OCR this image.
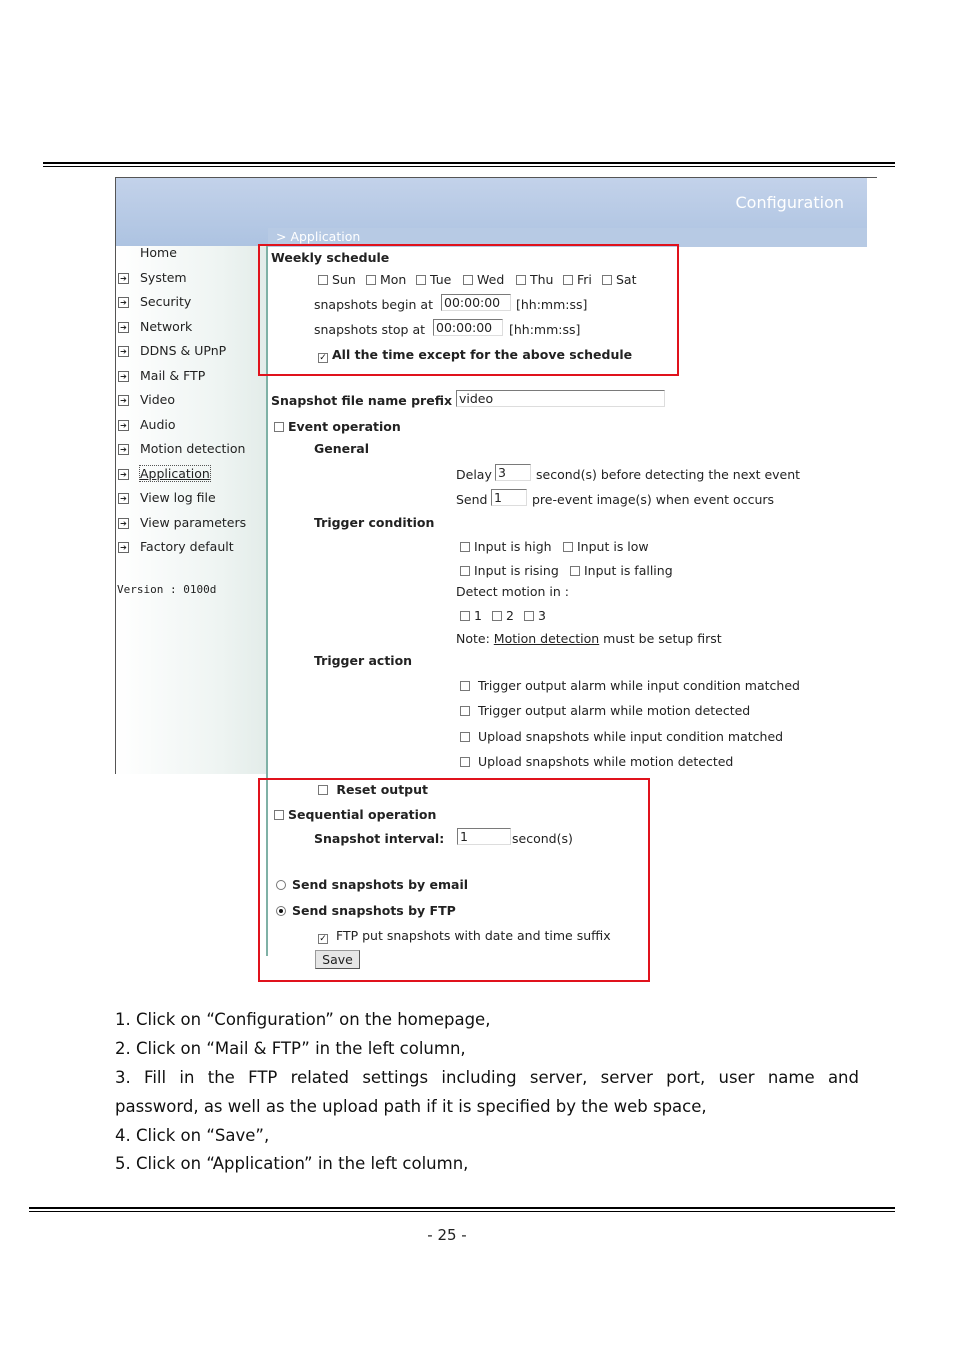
Configuration
> Application
Home
➔ System
➔ Security
➔ Network
➔ DDNS & UPnP
➔ Mail & FTP
➔ Video
➔ Audio
➔ Motion detection
➔ Application
➔ View log file
➔ View parameters
➔ Factory default
Version : 0100d
Weekly schedule
Sun	Mon	Tue	Wed	Thu	Fri	Sat
snapshots begin at 00:00:00	[hh:mm:ss]
snapshots stop at 00:00:00	[hh:mm:ss]
✓ All the time except for the above schedule
Snapshot file name prefix video
Event operation
General
Delay 3	second(s) before detecting the next event
Send 1	pre-event image(s) when event occurs
Trigger condition
Input is high	Input is low
Input is rising	Input is falling
Detect motion in :
1	2	3
Note: Motion detection must be setup first
Trigger action
Trigger output alarm while input condition matched
Trigger output alarm while motion detected
Upload snapshots while input condition matched
Upload snapshots while motion detected
Reset output
Sequential operation
Snapshot interval: 1	second(s)
Send snapshots by email
Send snapshots by FTP
✓ FTP put snapshots with date and time suffix
Save
1. Click on “Configuration” on the homepage,
2. Click on “Mail & FTP” in the left column,
3. Fill in the FTP related settings including server, server port, user name and
password, as well as the upload path if it is specified by the web space,
4. Click on “Save”,
5. Click on “Application” in the left column,
- 25 -
